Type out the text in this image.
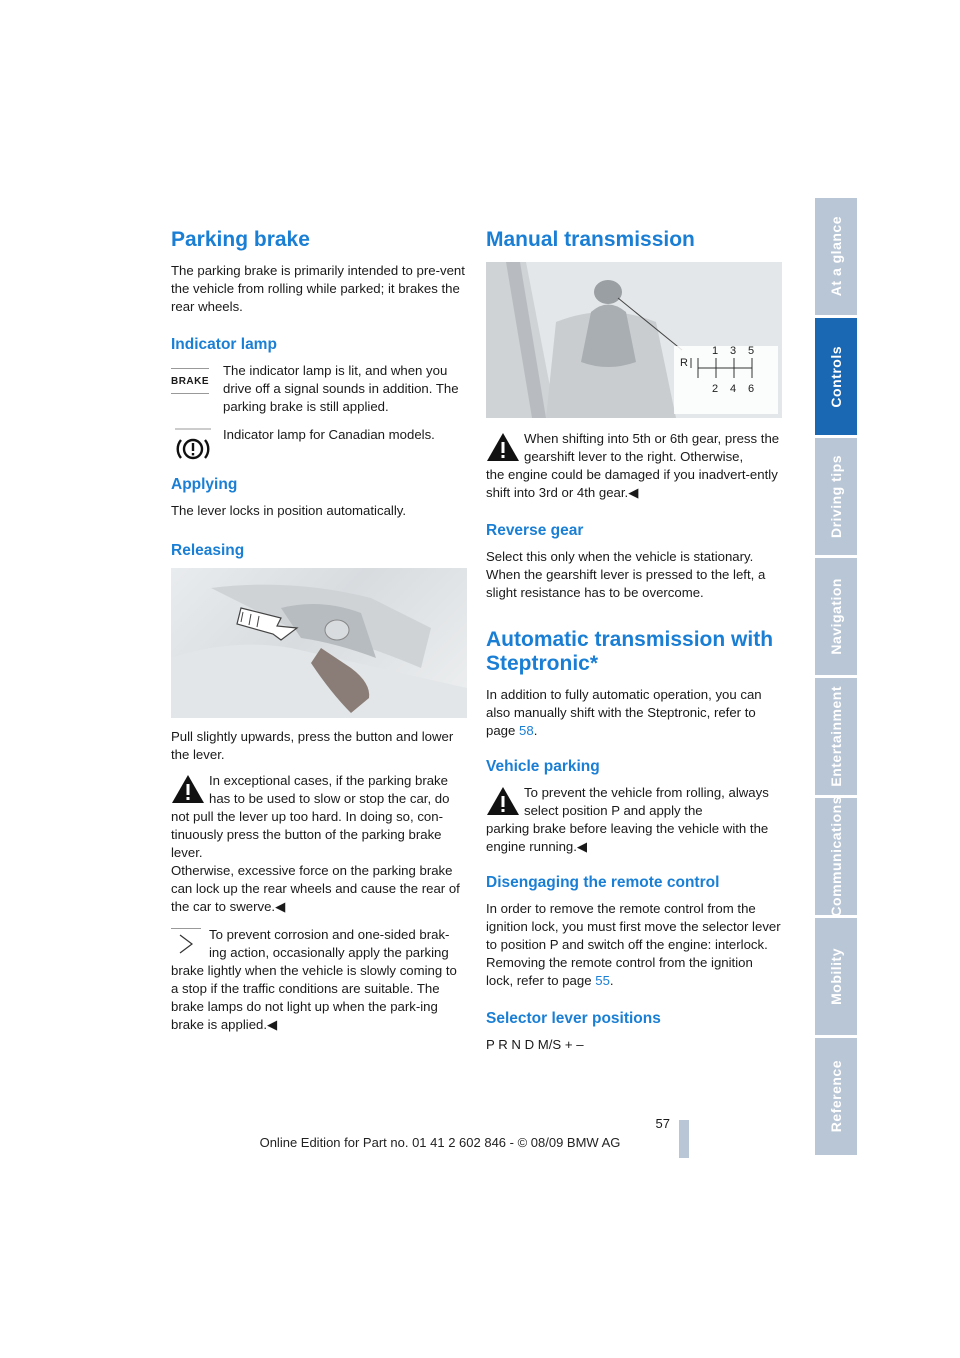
At a glance
Controls
Driving tips
Navigation
Entertainment
Communications
Mobility
Reference
Parking brake

The parking brake is primarily intended to pre-vent the vehicle from rolling while parked; it brakes the rear wheels.

Indicator lamp
BRAKE

The indicator lamp is lit, and when you drive off a signal sounds in addition. The parking brake is still applied.

Indicator lamp for Canadian models.

Applying

The lever locks in position automatically.

Releasing

Pull slightly upwards, press the button and lower the lever.

In exceptional cases, if the parking brake has to be used to slow or stop the car, do

not pull the lever up too hard. In doing so, con-tinuously press the button of the parking brake lever.

Otherwise, excessive force on the parking brake can lock up the rear wheels and cause the rear of the car to swerve.◀

To prevent corrosion and one-sided brak-ing action, occasionally apply the parking

brake lightly when the vehicle is slowly coming to a stop if the traffic conditions are suitable. The brake lamps do not light up when the park-ing brake is applied.◀

Manual transmission
1 3 5
R
2 4 6

When shifting into 5th or 6th gear, press the gearshift lever to the right. Otherwise,

the engine could be damaged if you inadvert-ently shift into 3rd or 4th gear.◀

Reverse gear

Select this only when the vehicle is stationary. When the gearshift lever is pressed to the left, a slight resistance has to be overcome.

Automatic transmission with Steptronic*

In addition to fully automatic operation, you can also manually shift with the Steptronic, refer to page 58.

Vehicle parking

To prevent the vehicle from rolling, always select position P and apply the

parking brake before leaving the vehicle with the engine running.◀

Disengaging the remote control

In order to remove the remote control from the ignition lock, you must first move the selector lever to position P and switch off the engine: interlock. Removing the remote control from the ignition lock, refer to page 55.

Selector lever positions

P R N D M/S + –

57
Online Edition for Part no. 01 41 2 602 846 - © 08/09 BMW AG
